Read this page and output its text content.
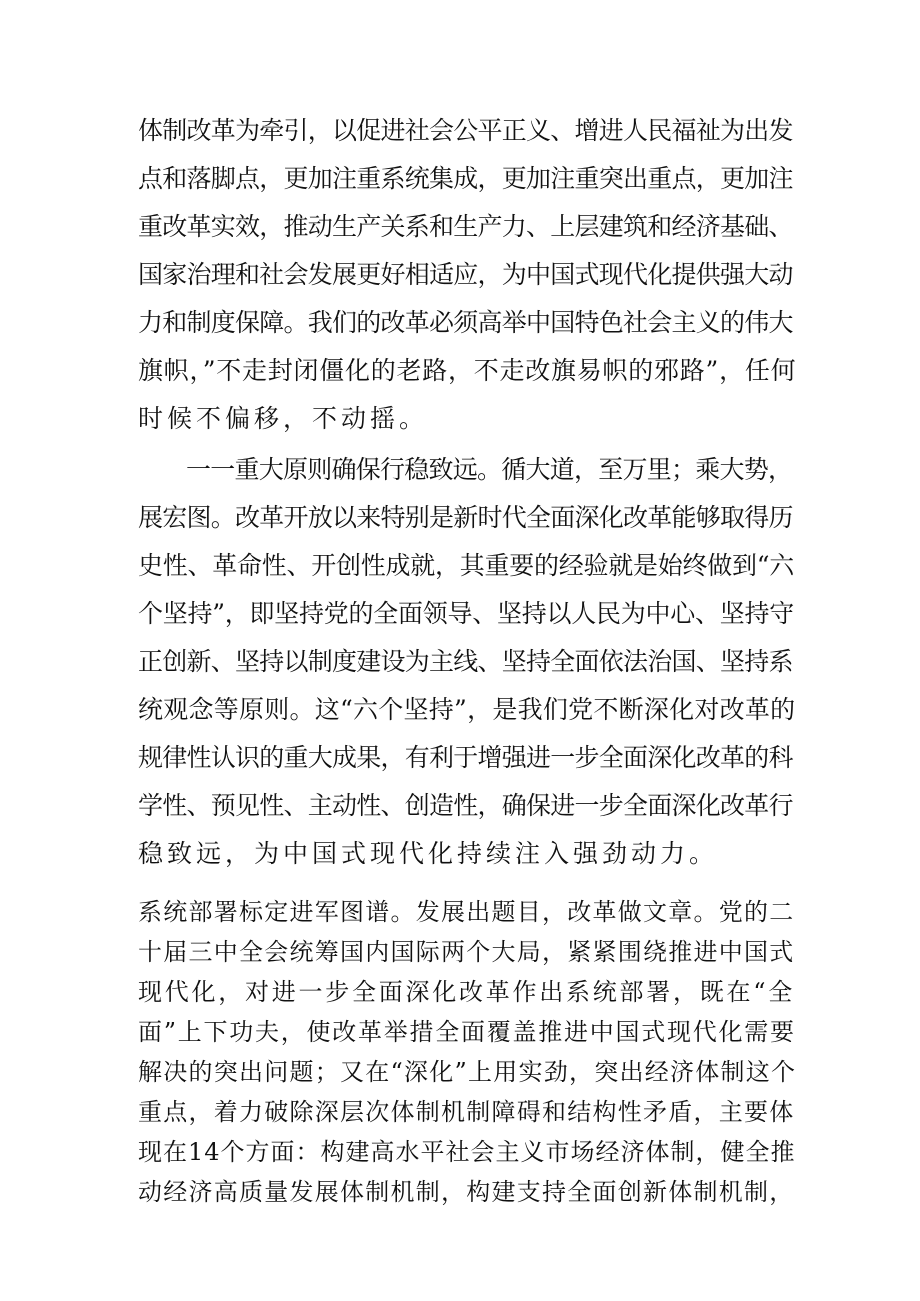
体制改革为牵引，以促进社会公平正义、增进人民福祉为出发
点和落脚点，更加注重系统集成，更加注重突出重点，更加注
重改革实效，推动生产关系和生产力、上层建筑和经济基础、
国家治理和社会发展更好相适应，为中国式现代化提供强大动
力和制度保障。我们的改革必须高举中国特色社会主义的伟大
旗帜，”不走封闭僵化的老路，不走改旗易帜的邪路”，任何
时候不偏移，不动摇。
一一重大原则确保行稳致远。循大道，至万里；乘大势，
展宏图。改革开放以来特别是新时代全面深化改革能够取得历
史性、革命性、开创性成就，其重要的经验就是始终做到“六
个坚持”，即坚持党的全面领导、坚持以人民为中心、坚持守
正创新、坚持以制度建设为主线、坚持全面依法治国、坚持系
统观念等原则。这“六个坚持”，是我们党不断深化对改革的
规律性认识的重大成果，有利于增强进一步全面深化改革的科
学性、预见性、主动性、创造性，确保进一步全面深化改革行
稳致远，为中国式现代化持续注入强劲动力。
系统部署标定进军图谱。发展出题目，改革做文章。党的二
十届三中全会统筹国内国际两个大局，紧紧围绕推进中国式
现代化，对进一步全面深化改革作出系统部署，既在“全
面”上下功夫，使改革举措全面覆盖推进中国式现代化需要
解决的突出问题；又在“深化”上用实劲，突出经济体制这个
重点，着力破除深层次体制机制障碍和结构性矛盾，主要体
现在14个方面：构建高水平社会主义市场经济体制，健全推
动经济高质量发展体制机制，构建支持全面创新体制机制，
